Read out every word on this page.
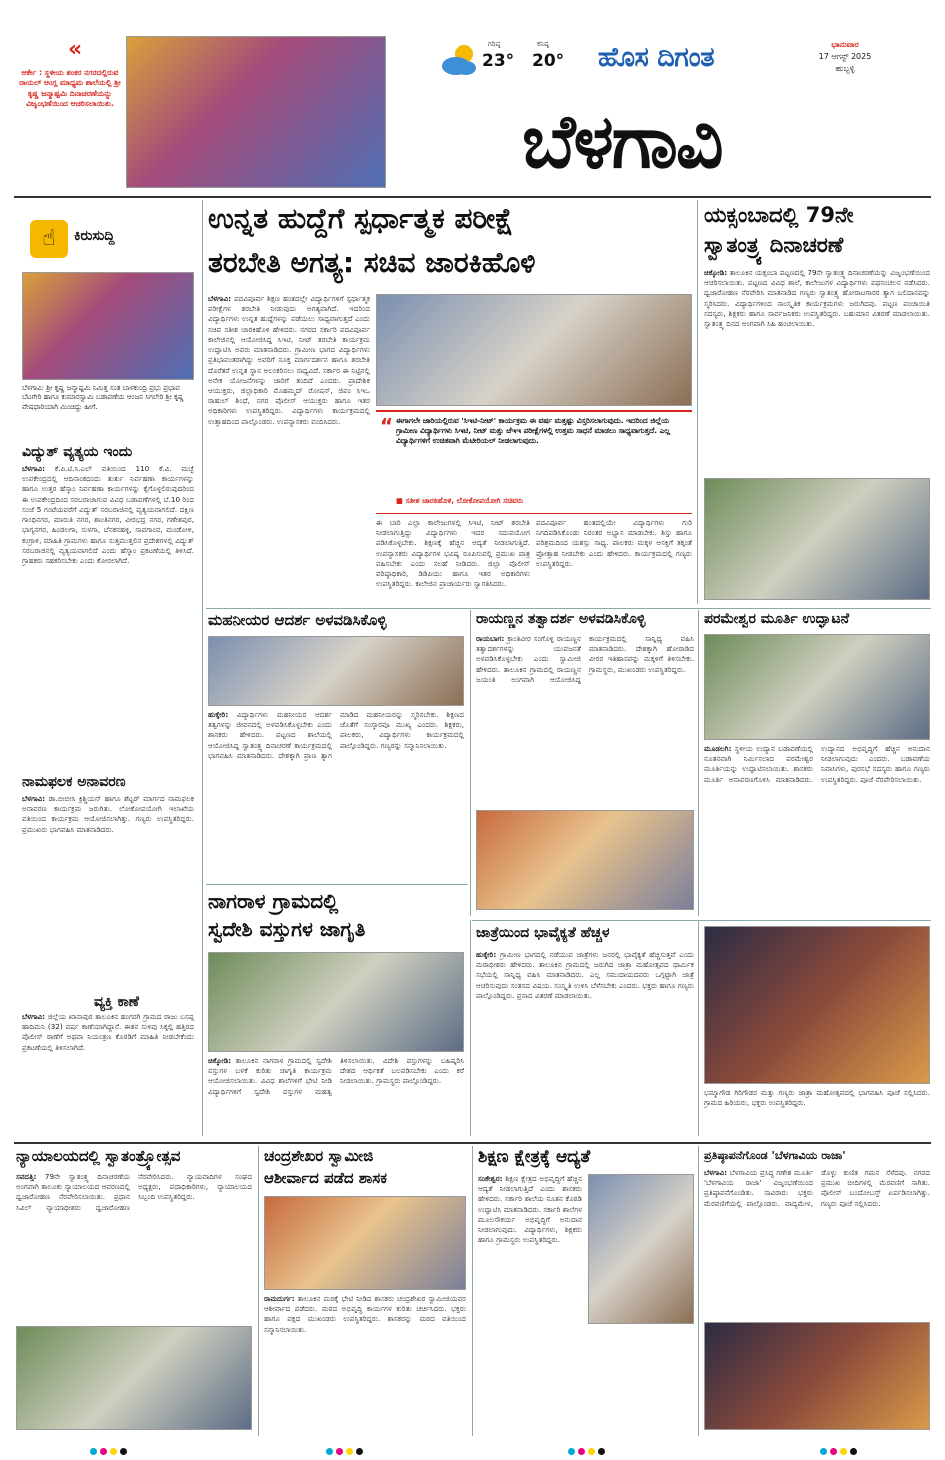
«
ಆರ್ಕೇ : ಸ್ಥಳೀಯ ಶಂಕರ ನಗರದಲ್ಲಿರುವ ರಾಯಲ್ ಆಂಗ್ಲ ಮಾಧ್ಯಮ ಶಾಲೆಯಲ್ಲಿ ಶ್ರೀ ಕೃಷ್ಣ ಜನ್ಮಾಷ್ಟಮಿ ದಿನಾಚರಣೆಯನ್ನು ವಿಜೃಂಭಣೆಯಿಂದ ಆಚರಿಸಲಾಯಿತು.
ಗರಿಷ್ಠ
23°
ಕನಿಷ್ಠ
20° ಹೊಸ ದಿಗಂತ	ಭಾನುವಾರ
17 ಆಗಸ್ಟ್ 2025
ಹುಬ್ಬಳ್ಳಿ
ಬೆಳಗಾವಿ
☝	ಕಿರುಸುದ್ದಿ
ಬೆಳಗಾವಿ: ಶ್ರೀ ಕೃಷ್ಣ ಜನ್ಮಾಷ್ಟಮಿ ನಿಮಿತ್ತ ಸಂತ ಬಾಳಕುಂದ್ರಿ ಪ್ರಭು ಪ್ರಭಾವ ಬೆಟಗೇರಿ ಹಾಗೂ ಕುಮಾರಸ್ವಾಮಿ ಬಡಾವಣೆಯ ಆಂಜನ ಸಿಗಲೇರಿ ಶ್ರೀ ಕೃಷ್ಣ ವೇಷಧಾರಿಯಾಗಿ ಮಿಂಚಿದ್ದು ಹೀಗೆ.
ವಿದ್ಯುತ್ ವ್ಯತ್ಯಯ ಇಂದು
ಬೆಳಗಾವಿ: ಕೆ.ಪಿ.ಟಿ.ಸಿ.ಎಲ್ ವತಿಯಿಂದ 110 ಕೆ.ವಿ. ಮಚ್ಛೆ ಉಪಕೇಂದ್ರದಲ್ಲಿ ಆದಿನಾಂಕದಂದು ತುರ್ತು ನಿರ್ವಹಣಾ ಕಾರ್ಯಗಳನ್ನು ಹಾಗೂ ಉತ್ತರ ಹೆಸ್ಕಾಂ ನಿರ್ವಹಣಾ ಕಾರ್ಯಗಳನ್ನು ಕೈಗೊಳ್ಳಲಿರುವುದರಿಂದ ಈ ಉಪಕೇಂದ್ರದಿಂದ ಸರಬರಾಜಾಗುವ ವಿವಿಧ ಬಡಾವಣೆಗಳಲ್ಲಿ ಬೆ.10 ರಿಂದ ಸಂಜೆ 5 ಗಂಟೆಯವರೆಗೆ ವಿದ್ಯುತ್ ಸರಬರಾಜಿನಲ್ಲಿ ವ್ಯತ್ಯಯವಾಗಲಿದೆ. ದಕ್ಷಿಣ ಗಾಂಧಿನಗರ, ಮಾರುತಿ ನಗರ, ಶಾಂತಿನಗರ, ವೀರಭದ್ರ ನಗರ, ಗಣೇಶಪುರ, ಭಾಗ್ಯನಗರ, ಹಿಂಡಲಗಾ, ಸುಳಗಾ, ಬೆನಕನಹಳ್ಳಿ, ಸಾವಗಾಂವ, ಮಂಡೋಳಿ, ಕಂಗ್ರಾಳಿ, ಮಾಹಿತಿ ಗ್ರಾಮಗಳು ಹಾಗೂ ಸುತ್ತಮುತ್ತಲಿನ ಪ್ರದೇಶಗಳಲ್ಲಿ ವಿದ್ಯುತ್ ಸರಬರಾಜಿನಲ್ಲಿ ವ್ಯತ್ಯಯವಾಗಲಿದೆ ಎಂದು ಹೆಸ್ಕಾಂ ಪ್ರಕಟಣೆಯಲ್ಲಿ ತಿಳಿಸಿದೆ. ಗ್ರಾಹಕರು ಸಹಕರಿಸಬೇಕು ಎಂದು ಕೋರಲಾಗಿದೆ.
ನಾಮಫಲಕ ಅನಾವರಣ
ಬೆಳಗಾವಿ: ಡಾ.ಬೀಬೀಸಿ ಕ್ರಿಶ್ಚಿಯನ್ ಹಾಗೂ ಶೆಟ್ಟರ್ ಮಾರ್ಗದ ನಾಮಫಲಕ ಅನಾವರಣ ಕಾರ್ಯಕ್ರಮ ಜರುಗಿತು. ಲೋಕೋಪಯೋಗಿ ಇಲಾಖೆಯ ವತಿಯಿಂದ ಕಾರ್ಯಕ್ರಮ ಆಯೋಜಿಸಲಾಗಿತ್ತು. ಗಣ್ಯರು ಉಪಸ್ಥಿತರಿದ್ದರು. ಪ್ರಮುಖರು ಭಾಗವಹಿಸಿ ಮಾತನಾಡಿದರು.
ವ್ಯಕ್ತಿ ಕಾಣೆ
ಬೆಳಗಾವಿ: ಜಿಲ್ಲೆಯ ಖಾನಾಪುರ ತಾಲೂಕಿನ ಹಂಗರಗಿ ಗ್ರಾಮದ ರಾಜು ಬಸಪ್ಪ ಹಾದಿಮನಿ (32) ವರ್ಷ ಕಾಣೆಯಾಗಿದ್ದಾನೆ. ಈತನ ಸುಳಿವು ಸಿಕ್ಕಲ್ಲಿ ಹತ್ತಿರದ ಪೊಲೀಸ್ ಠಾಣೆಗೆ ಅಥವಾ ನಿಯಂತ್ರಣ ಕೊಠಡಿಗೆ ಮಾಹಿತಿ ನೀಡಬೇಕೆಂದು ಪ್ರಕಟಣೆಯಲ್ಲಿ ತಿಳಿಸಲಾಗಿದೆ.
ಉನ್ನತ ಹುದ್ದೆಗೆ ಸ್ಪರ್ಧಾತ್ಮಕ ಪರೀಕ್ಷೆ
ತರಬೇತಿ ಅಗತ್ಯ: ಸಚಿವ ಜಾರಕಿಹೊಳಿ
ಬೆಳಗಾವಿ: ಪದವಿಪೂರ್ವ ಶಿಕ್ಷಣ ಹಂತದಲ್ಲೇ ವಿದ್ಯಾರ್ಥಿಗಳಿಗೆ ಸ್ಪರ್ಧಾತ್ಮಕ ಪರೀಕ್ಷೆಗಳ ತರಬೇತಿ ನೀಡುವುದು ಅಗತ್ಯವಾಗಿದೆ. ಇದರಿಂದ ವಿದ್ಯಾರ್ಥಿಗಳು ಉನ್ನತ ಹುದ್ದೆಗಳನ್ನು ಪಡೆಯಲು ಸಾಧ್ಯವಾಗುತ್ತದೆ ಎಂದು ಸಚಿವ ಸತೀಶ ಜಾರಕಿಹೊಳಿ ಹೇಳಿದರು. ನಗರದ ಸರ್ಕಾರಿ ಪದವಿಪೂರ್ವ ಕಾಲೇಜಿನಲ್ಲಿ ಆಯೋಜಿಸಿದ್ದ ಸಿಇಟಿ, ನೀಟ್ ತರಬೇತಿ ಕಾರ್ಯಕ್ರಮ ಉದ್ಘಾಟಿಸಿ ಅವರು ಮಾತನಾಡಿದರು. ಗ್ರಾಮೀಣ ಭಾಗದ ವಿದ್ಯಾರ್ಥಿಗಳು ಪ್ರತಿಭಾವಂತರಾಗಿದ್ದು ಅವರಿಗೆ ಸೂಕ್ತ ಮಾರ್ಗದರ್ಶನ ಹಾಗೂ ತರಬೇತಿ ದೊರೆತರೆ ಉನ್ನತ ಸ್ಥಾನ ಅಲಂಕರಿಸಲು ಸಾಧ್ಯವಿದೆ. ಸರ್ಕಾರ ಈ ನಿಟ್ಟಿನಲ್ಲಿ ಅನೇಕ ಯೋಜನೆಗಳನ್ನು ಜಾರಿಗೆ ತಂದಿದೆ ಎಂದರು. ಪ್ರಾದೇಶಿಕ ಆಯುಕ್ತರು, ಜಿಲ್ಲಾಧಿಕಾರಿ ಮೊಹಮ್ಮದ್ ರೋಷನ್, ಜಿಪಂ ಸಿಇಒ ರಾಹುಲ್ ಶಿಂಧೆ, ನಗರ ಪೊಲೀಸ್ ಆಯುಕ್ತರು ಹಾಗೂ ಇತರ ಅಧಿಕಾರಿಗಳು ಉಪಸ್ಥಿತರಿದ್ದರು. ವಿದ್ಯಾರ್ಥಿಗಳು ಕಾರ್ಯಕ್ರಮದಲ್ಲಿ ಉತ್ಸಾಹದಿಂದ ಪಾಲ್ಗೊಂಡರು. ಉಪನ್ಯಾಸಕರು ವಂದಿಸಿದರು.	“ ಈಗಾಗಲೇ ಜಾರಿಯಲ್ಲಿರುವ 'ಸಿಇಟಿ-ನೀಟ್' ಕಾರ್ಯಕ್ರಮ ಈ ವರ್ಷ ಮತ್ತಷ್ಟು ವಿಸ್ತರಿಸಲಾಗುವುದು. ಇದರಿಂದ ಜಿಲ್ಲೆಯ ಗ್ರಾಮೀಣ ವಿದ್ಯಾರ್ಥಿಗಳು ಸಿಇಟಿ, ನೀಟ್ ಮತ್ತು ಜೆಇಇ ಪರೀಕ್ಷೆಗಳಲ್ಲಿ ಉತ್ತಮ ಸಾಧನೆ ಮಾಡಲು ಸಾಧ್ಯವಾಗುತ್ತದೆ. ಎಲ್ಲ ವಿದ್ಯಾರ್ಥಿಗಳಿಗೆ ಉಚಿತವಾಗಿ ಮೆಟೀರಿಯಲ್ ನೀಡಲಾಗುವುದು.
■ ಸತೀಶ ಜಾರಕಿಹೊಳಿ, ಲೋಕೋಪಯೋಗಿ ಸಚಿವರು
ಈ ಬಾರಿ ಎಲ್ಲಾ ಕಾಲೇಜುಗಳಲ್ಲಿ ಸಿಇಟಿ, ನೀಟ್ ತರಬೇತಿ ನೀಡಲಾಗುತ್ತಿದ್ದು ವಿದ್ಯಾರ್ಥಿಗಳು ಇದರ ಸದುಪಯೋಗ ಪಡಿಸಿಕೊಳ್ಳಬೇಕು. ಶಿಕ್ಷಣಕ್ಕೆ ಹೆಚ್ಚಿನ ಆದ್ಯತೆ ನೀಡಲಾಗುತ್ತಿದೆ. ಉಪನ್ಯಾಸಕರು ವಿದ್ಯಾರ್ಥಿಗಳ ಭವಿಷ್ಯ ರೂಪಿಸುವಲ್ಲಿ ಪ್ರಮುಖ ಪಾತ್ರ ವಹಿಸಬೇಕು ಎಂದು ಸಲಹೆ ನೀಡಿದರು. ಜಿಲ್ಲಾ ಪೊಲೀಸ್ ವರಿಷ್ಠಾಧಿಕಾರಿ, ಡಿಡಿಪಿಯು ಹಾಗೂ ಇತರ ಅಧಿಕಾರಿಗಳು ಉಪಸ್ಥಿತರಿದ್ದರು. ಕಾಲೇಜಿನ ಪ್ರಾಚಾರ್ಯರು ಸ್ವಾಗತಿಸಿದರು.
ಪದವಿಪೂರ್ವ ಹಂತದಲ್ಲಿಯೇ ವಿದ್ಯಾರ್ಥಿಗಳು ಗುರಿ ನಿಗದಿಪಡಿಸಿಕೊಂಡು ನಿರಂತರ ಅಭ್ಯಾಸ ಮಾಡಬೇಕು. ಶಿಸ್ತು ಹಾಗೂ ಪರಿಶ್ರಮದಿಂದ ಯಶಸ್ಸು ಸಾಧ್ಯ. ಪಾಲಕರು ಮಕ್ಕಳ ಆಸಕ್ತಿಗೆ ತಕ್ಕಂತೆ ಪ್ರೋತ್ಸಾಹ ನೀಡಬೇಕು ಎಂದು ಹೇಳಿದರು. ಕಾರ್ಯಕ್ರಮದಲ್ಲಿ ಗಣ್ಯರು ಉಪಸ್ಥಿತರಿದ್ದರು.
ಯಕ್ಸಂಬಾದಲ್ಲಿ 79ನೇ
ಸ್ವಾತಂತ್ರ್ಯ ದಿನಾಚರಣೆ
ಚಿಕ್ಕೋಡಿ: ತಾಲೂಕಿನ ಯಕ್ಸಂಬಾ ಪಟ್ಟಣದಲ್ಲಿ 79ನೇ ಸ್ವಾತಂತ್ರ್ಯ ದಿನಾಚರಣೆಯನ್ನು ವಿಜೃಂಭಣೆಯಿಂದ ಆಚರಿಸಲಾಯಿತು. ಪಟ್ಟಣದ ವಿವಿಧ ಶಾಲೆ, ಕಾಲೇಜುಗಳ ವಿದ್ಯಾರ್ಥಿಗಳು ಪಥಸಂಚಲನ ನಡೆಸಿದರು. ಧ್ವಜಾರೋಹಣ ನೆರವೇರಿಸಿ ಮಾತನಾಡಿದ ಗಣ್ಯರು ಸ್ವಾತಂತ್ರ್ಯ ಹೋರಾಟಗಾರರ ತ್ಯಾಗ ಬಲಿದಾನವನ್ನು ಸ್ಮರಿಸಿದರು. ವಿದ್ಯಾರ್ಥಿಗಳಿಂದ ಸಾಂಸ್ಕೃತಿಕ ಕಾರ್ಯಕ್ರಮಗಳು ಜರುಗಿದವು. ಪಟ್ಟಣ ಪಂಚಾಯಿತಿ ಸದಸ್ಯರು, ಶಿಕ್ಷಕರು ಹಾಗೂ ಸಾರ್ವಜನಿಕರು ಉಪಸ್ಥಿತರಿದ್ದರು. ಬಹುಮಾನ ವಿತರಣೆ ಮಾಡಲಾಯಿತು. ಸ್ವಾತಂತ್ರ್ಯ ದಿನದ ಅಂಗವಾಗಿ ಸಿಹಿ ಹಂಚಲಾಯಿತು.
ಮಹನೀಯರ ಆದರ್ಶ ಅಳವಡಿಸಿಕೊಳ್ಳಿ
ಹುಕ್ಕೇರಿ: ವಿದ್ಯಾರ್ಥಿಗಳು ಮಹನೀಯರ ಆದರ್ಶ ತತ್ವಗಳನ್ನು ಜೀವನದಲ್ಲಿ ಅಳವಡಿಸಿಕೊಳ್ಳಬೇಕು ಎಂದು ಶಾಸಕರು ಹೇಳಿದರು. ಪಟ್ಟಣದ ಶಾಲೆಯಲ್ಲಿ ಆಯೋಜಿಸಿದ್ದ ಸ್ವಾತಂತ್ರ್ಯ ದಿನಾಚರಣೆ ಕಾರ್ಯಕ್ರಮದಲ್ಲಿ ಭಾಗವಹಿಸಿ ಮಾತನಾಡಿದರು. ದೇಶಕ್ಕಾಗಿ ಪ್ರಾಣ ತ್ಯಾಗ ಮಾಡಿದ ಮಹನೀಯರನ್ನು ಸ್ಮರಿಸಬೇಕು. ಶಿಕ್ಷಣದ ಜೊತೆಗೆ ಸಂಸ್ಕಾರವೂ ಮುಖ್ಯ ಎಂದರು. ಶಿಕ್ಷಕರು, ಪಾಲಕರು, ವಿದ್ಯಾರ್ಥಿಗಳು ಕಾರ್ಯಕ್ರಮದಲ್ಲಿ ಪಾಲ್ಗೊಂಡಿದ್ದರು. ಗಣ್ಯರನ್ನು ಸನ್ಮಾನಿಸಲಾಯಿತು.
ರಾಯಣ್ಣನ ತತ್ವಾದರ್ಶ ಅಳವಡಿಸಿಕೊಳ್ಳಿ
ರಾಯಬಾಗ: ಕ್ರಾಂತಿವೀರ ಸಂಗೊಳ್ಳಿ ರಾಯಣ್ಣನ ತತ್ವಾದರ್ಶಗಳನ್ನು ಯುವಜನತೆ ಅಳವಡಿಸಿಕೊಳ್ಳಬೇಕು ಎಂದು ಸ್ವಾಮೀಜಿ ಹೇಳಿದರು. ತಾಲೂಕಿನ ಗ್ರಾಮದಲ್ಲಿ ರಾಯಣ್ಣನ ಜಯಂತಿ ಅಂಗವಾಗಿ ಆಯೋಜಿಸಿದ್ದ ಕಾರ್ಯಕ್ರಮದಲ್ಲಿ ಸಾನ್ನಿಧ್ಯ ವಹಿಸಿ ಮಾತನಾಡಿದರು. ದೇಶಕ್ಕಾಗಿ ಹೋರಾಡಿದ ವೀರರ ಇತಿಹಾಸವನ್ನು ಮಕ್ಕಳಿಗೆ ತಿಳಿಸಬೇಕು. ಗ್ರಾಮಸ್ಥರು, ಮುಖಂಡರು ಉಪಸ್ಥಿತರಿದ್ದರು.
ಪರಮೇಶ್ವರ ಮೂರ್ತಿ ಉದ್ಘಾಟನೆ
ಮೂಡಲಗಿ: ಸ್ಥಳೀಯ ಉದ್ಯಾನ ಬಡಾವಣೆಯಲ್ಲಿ ನೂತನವಾಗಿ ನಿರ್ಮಿಸಲಾದ ಪರಮೇಶ್ವರ ಮೂರ್ತಿಯನ್ನು ಉದ್ಘಾಟಿಸಲಾಯಿತು. ಶಾಸಕರು ಮೂರ್ತಿ ಅನಾವರಣಗೊಳಿಸಿ ಮಾತನಾಡಿದರು. ಉದ್ಯಾನದ ಅಭಿವೃದ್ಧಿಗೆ ಹೆಚ್ಚಿನ ಅನುದಾನ ನೀಡಲಾಗುವುದು ಎಂದರು. ಬಡಾವಣೆಯ ನಿವಾಸಿಗಳು, ಪುರಸಭೆ ಸದಸ್ಯರು ಹಾಗೂ ಗಣ್ಯರು ಉಪಸ್ಥಿತರಿದ್ದರು. ಪೂಜೆ ನೆರವೇರಿಸಲಾಯಿತು.
ನಾಗರಾಳ ಗ್ರಾಮದಲ್ಲಿ
ಸ್ವದೇಶಿ ವಸ್ತುಗಳ ಜಾಗೃತಿ
ಚಿಕ್ಕೋಡಿ: ತಾಲೂಕಿನ ನಾಗರಾಳ ಗ್ರಾಮದಲ್ಲಿ ಸ್ವದೇಶಿ ವಸ್ತುಗಳ ಬಳಕೆ ಕುರಿತು ಜಾಗೃತಿ ಕಾರ್ಯಕ್ರಮ ಆಯೋಜಿಸಲಾಯಿತು. ವಿವಿಧ ಶಾಲೆಗಳಿಗೆ ಭೇಟಿ ನೀಡಿ ವಿದ್ಯಾರ್ಥಿಗಳಿಗೆ ಸ್ವದೇಶಿ ವಸ್ತುಗಳ ಮಹತ್ವ ತಿಳಿಸಲಾಯಿತು. ವಿದೇಶಿ ವಸ್ತುಗಳನ್ನು ಬಹಿಷ್ಕರಿಸಿ ದೇಶದ ಆರ್ಥಿಕತೆ ಬಲಪಡಿಸಬೇಕು ಎಂದು ಕರೆ ನೀಡಲಾಯಿತು. ಗ್ರಾಮಸ್ಥರು ಪಾಲ್ಗೊಂಡಿದ್ದರು.
ಜಾತ್ರೆಯಿಂದ ಭಾವೈಕ್ಯತೆ ಹೆಚ್ಚಳ
ಹುಕ್ಕೇರಿ: ಗ್ರಾಮೀಣ ಭಾಗದಲ್ಲಿ ನಡೆಯುವ ಜಾತ್ರೆಗಳು ಜನರಲ್ಲಿ ಭಾವೈಕ್ಯತೆ ಹೆಚ್ಚಿಸುತ್ತವೆ ಎಂದು ಮಠಾಧೀಶರು ಹೇಳಿದರು. ತಾಲೂಕಿನ ಗ್ರಾಮದಲ್ಲಿ ಜರುಗಿದ ಜಾತ್ರಾ ಮಹೋತ್ಸವದ ಧಾರ್ಮಿಕ ಸಭೆಯಲ್ಲಿ ಸಾನ್ನಿಧ್ಯ ವಹಿಸಿ ಮಾತನಾಡಿದರು. ಎಲ್ಲ ಸಮುದಾಯದವರು ಒಗ್ಗಟ್ಟಾಗಿ ಜಾತ್ರೆ ಆಚರಿಸುವುದು ಸಂತಸದ ವಿಷಯ. ಸಂಸ್ಕೃತಿ ಉಳಿಸಿ ಬೆಳೆಸಬೇಕು ಎಂದರು. ಭಕ್ತರು ಹಾಗೂ ಗಣ್ಯರು ಪಾಲ್ಗೊಂಡಿದ್ದರು. ಪ್ರಸಾದ ವಿತರಣೆ ಮಾಡಲಾಯಿತು.
ಭಮ್ಮಾಗೌಡ ಗಿರಿಗೌಡರ ಮತ್ತು ಗಣ್ಯರು ಜಾತ್ರಾ ಮಹೋತ್ಸವದಲ್ಲಿ ಭಾಗವಹಿಸಿ ಪೂಜೆ ಸಲ್ಲಿಸಿದರು. ಗ್ರಾಮದ ಹಿರಿಯರು, ಭಕ್ತರು ಉಪಸ್ಥಿತರಿದ್ದರು.
ನ್ಯಾಯಾಲಯದಲ್ಲಿ ಸ್ವಾತಂತ್ರ್ಯೋತ್ಸವ
ಸವದತ್ತಿ: 79ನೇ ಸ್ವಾತಂತ್ರ್ಯ ದಿನಾಚರಣೆಯ ಅಂಗವಾಗಿ ತಾಲೂಕು ನ್ಯಾಯಾಲಯದ ಆವರಣದಲ್ಲಿ ಧ್ವಜಾರೋಹಣ ನೆರವೇರಿಸಲಾಯಿತು. ಪ್ರಧಾನ ಸಿವಿಲ್ ನ್ಯಾಯಾಧೀಶರು ಧ್ವಜಾರೋಹಣ ನೆರವೇರಿಸಿದರು. ನ್ಯಾಯವಾದಿಗಳ ಸಂಘದ ಅಧ್ಯಕ್ಷರು, ಪದಾಧಿಕಾರಿಗಳು, ನ್ಯಾಯಾಲಯದ ಸಿಬ್ಬಂದಿ ಉಪಸ್ಥಿತರಿದ್ದರು.
ಚಂದ್ರಶೇಖರ ಸ್ವಾಮೀಜಿ
ಆಶೀರ್ವಾದ ಪಡೆದ ಶಾಸಕ
ರಾಮದುರ್ಗ: ತಾಲೂಕಿನ ಮಠಕ್ಕೆ ಭೇಟಿ ನೀಡಿದ ಶಾಸಕರು ಚಂದ್ರಶೇಖರ ಸ್ವಾಮೀಜಿಯವರ ಆಶೀರ್ವಾದ ಪಡೆದರು. ಮಠದ ಅಭಿವೃದ್ಧಿ ಕಾರ್ಯಗಳ ಕುರಿತು ಚರ್ಚಿಸಿದರು. ಭಕ್ತರು ಹಾಗೂ ಪಕ್ಷದ ಮುಖಂಡರು ಉಪಸ್ಥಿತರಿದ್ದರು. ಶಾಸಕರನ್ನು ಮಠದ ವತಿಯಿಂದ ಸನ್ಮಾನಿಸಲಾಯಿತು.
ಶಿಕ್ಷಣ ಕ್ಷೇತ್ರಕ್ಕೆ ಆದ್ಯತೆ
ಸಂಕೇಶ್ವರ: ಶಿಕ್ಷಣ ಕ್ಷೇತ್ರದ ಅಭಿವೃದ್ಧಿಗೆ ಹೆಚ್ಚಿನ ಆದ್ಯತೆ ನೀಡಲಾಗುತ್ತಿದೆ ಎಂದು ಶಾಸಕರು ಹೇಳಿದರು. ಸರ್ಕಾರಿ ಶಾಲೆಯ ನೂತನ ಕೊಠಡಿ ಉದ್ಘಾಟಿಸಿ ಮಾತನಾಡಿದರು. ಸರ್ಕಾರಿ ಶಾಲೆಗಳ ಮೂಲಸೌಕರ್ಯ ಅಭಿವೃದ್ಧಿಗೆ ಅನುದಾನ ನೀಡಲಾಗುವುದು. ವಿದ್ಯಾರ್ಥಿಗಳು, ಶಿಕ್ಷಕರು ಹಾಗೂ ಗ್ರಾಮಸ್ಥರು ಉಪಸ್ಥಿತರಿದ್ದರು.
ಪ್ರತಿಷ್ಠಾಪನೆಗೊಂಡ 'ಬೆಳಗಾವಿಯ ರಾಜಾ'
ಬೆಳಗಾವಿ: ಬೆಳಗಾವಿಯ ಪ್ರಸಿದ್ಧ ಗಣೇಶ ಮೂರ್ತಿ 'ಬೆಳಗಾವಿಯ ರಾಜಾ' ವಿಜೃಂಭಣೆಯಿಂದ ಪ್ರತಿಷ್ಠಾಪನೆಗೊಂಡಿತು. ಸಾವಿರಾರು ಭಕ್ತರು ಮೆರವಣಿಗೆಯಲ್ಲಿ ಪಾಲ್ಗೊಂಡರು. ವಾದ್ಯಮೇಳ, ಡೊಳ್ಳು ಕುಣಿತ ಗಮನ ಸೆಳೆದವು. ನಗರದ ಪ್ರಮುಖ ಬೀದಿಗಳಲ್ಲಿ ಮೆರವಣಿಗೆ ಸಾಗಿತು. ಪೊಲೀಸ್ ಬಂದೋಬಸ್ತ್ ಏರ್ಪಡಿಸಲಾಗಿತ್ತು. ಗಣ್ಯರು ಪೂಜೆ ಸಲ್ಲಿಸಿದರು.
